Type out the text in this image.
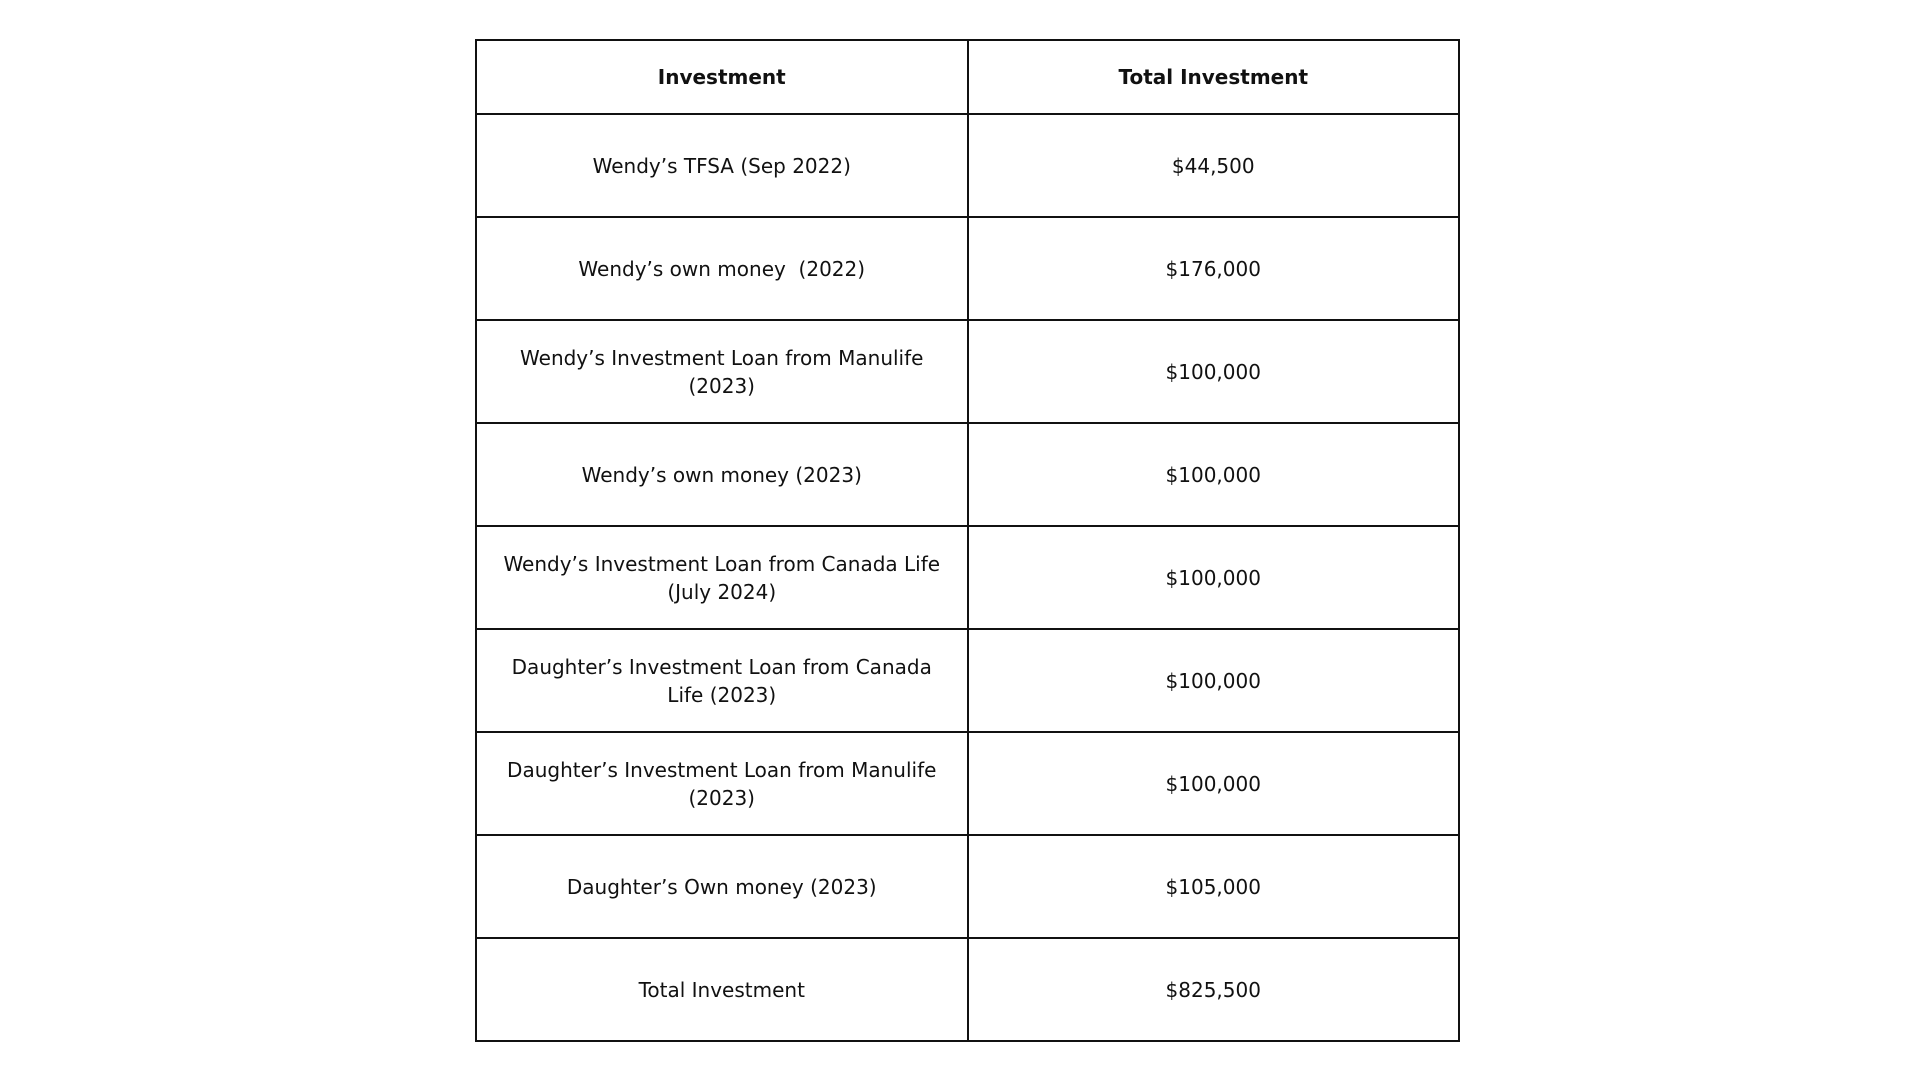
Investment	Total Investment
Wendy’s TFSA (Sep 2022)	$44,500
Wendy’s own money  (2022)	$176,000
Wendy’s Investment Loan from Manulife (2023)	$100,000
Wendy’s own money (2023)	$100,000
Wendy’s Investment Loan from Canada Life (July 2024)	$100,000
Daughter’s Investment Loan from Canada Life (2023)	$100,000
Daughter’s Investment Loan from Manulife (2023)	$100,000
Daughter’s Own money (2023)	$105,000
Total Investment	$825,500
